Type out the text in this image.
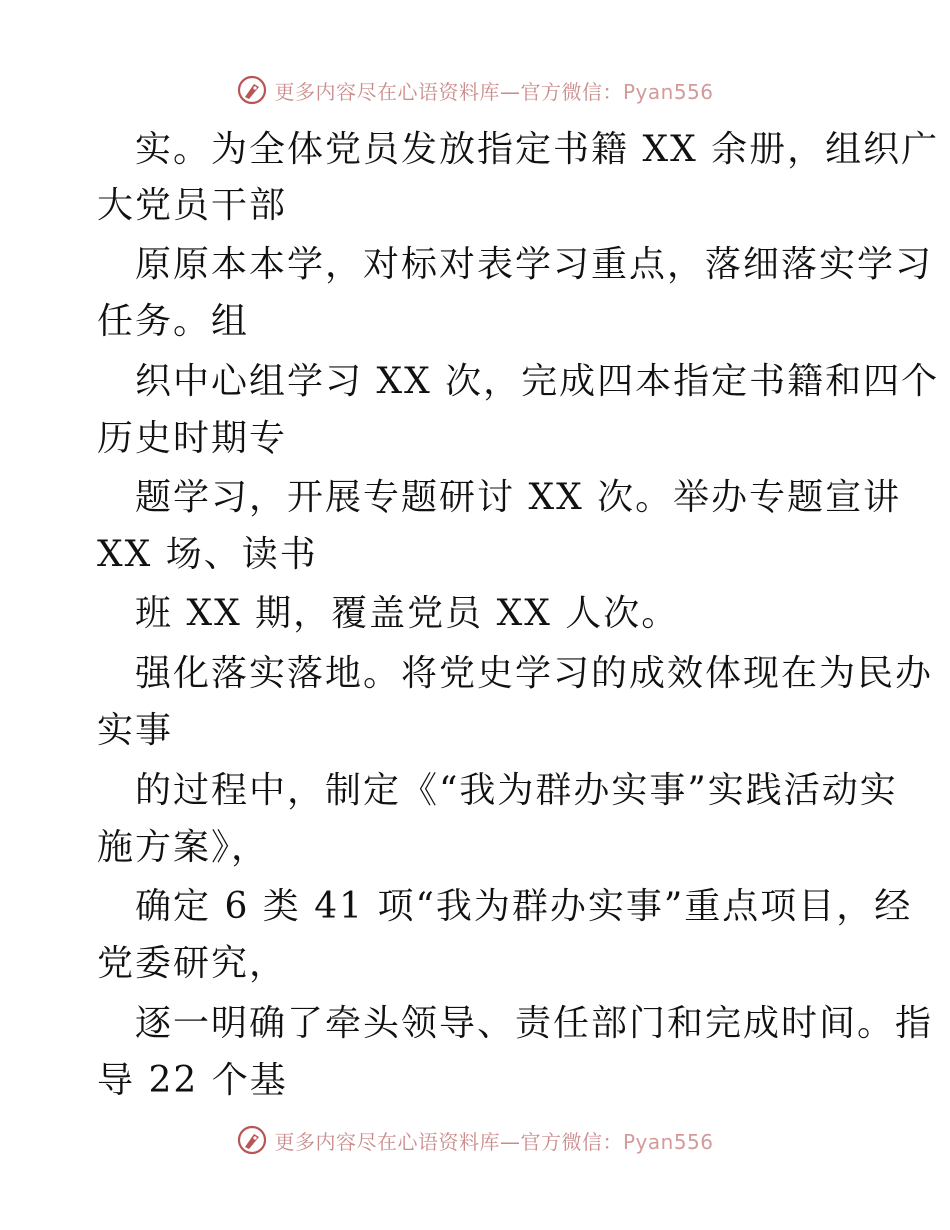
更多内容尽在心语资料库—官方微信：Pyan556
实。为全体党员发放指定书籍 XX 余册，组织广
大党员干部
原原本本学，对标对表学习重点，落细落实学习
任务。组
织中心组学习 XX 次，完成四本指定书籍和四个
历史时期专
题学习，开展专题研讨 XX 次。举办专题宣讲
XX 场、读书
班 XX 期，覆盖党员 XX 人次。
强化落实落地。将党史学习的成效体现在为民办
实事
的过程中，制定《“我为群办实事”实践活动实
施方案》，
确定 6 类 41 项“我为群办实事”重点项目，经
党委研究，
逐一明确了牵头领导、责任部门和完成时间。指
导 22 个基
更多内容尽在心语资料库—官方微信：Pyan556
